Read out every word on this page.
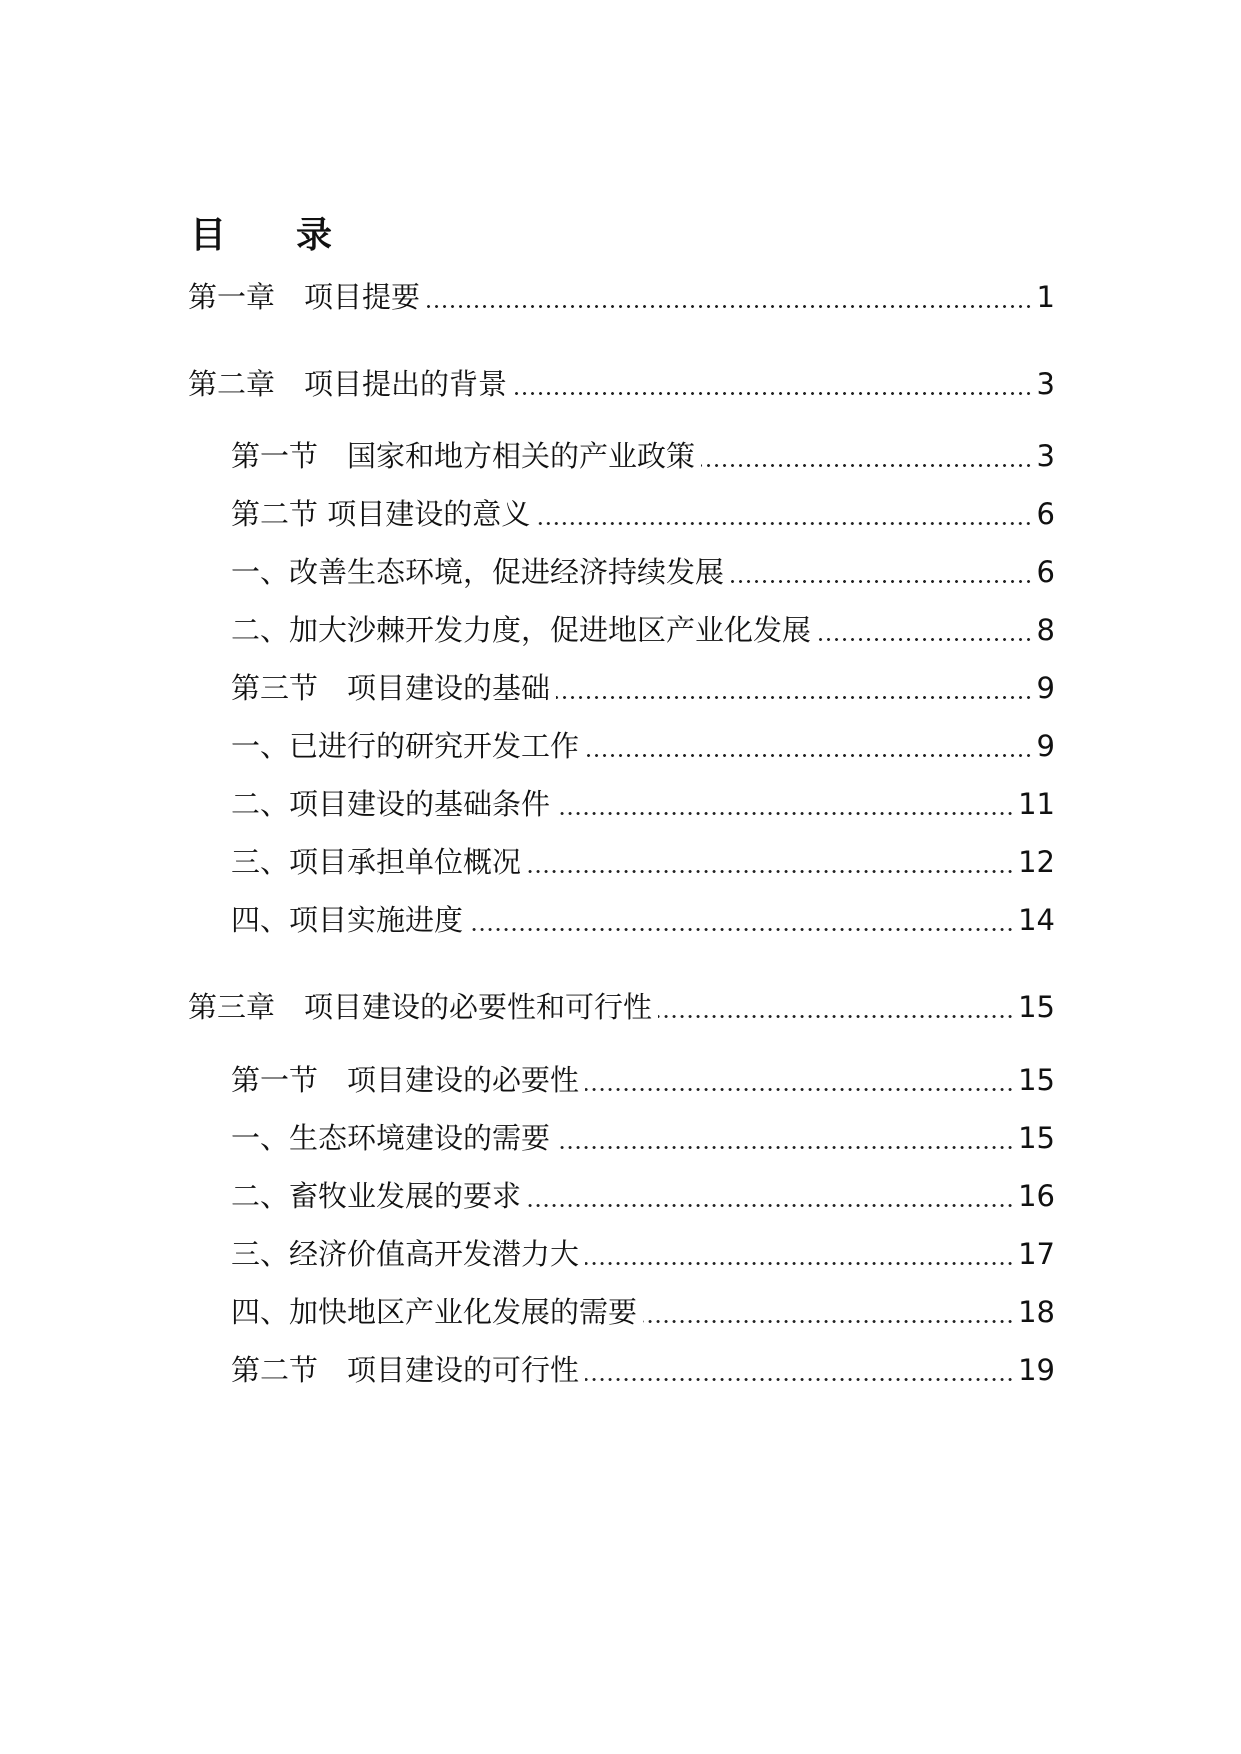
目录
第一章　项目提要	1
第二章　项目提出的背景	3
第一节　国家和地方相关的产业政策	3
第二节 项目建设的意义	6
一、改善生态环境，促进经济持续发展	6
二、加大沙棘开发力度，促进地区产业化发展	8
第三节　项目建设的基础	9
一、已进行的研究开发工作	9
二、项目建设的基础条件	11
三、项目承担单位概况	12
四、项目实施进度	14
第三章　项目建设的必要性和可行性	15
第一节　项目建设的必要性	15
一、生态环境建设的需要	15
二、畜牧业发展的要求	16
三、经济价值高开发潜力大	17
四、加快地区产业化发展的需要	18
第二节　项目建设的可行性	19
